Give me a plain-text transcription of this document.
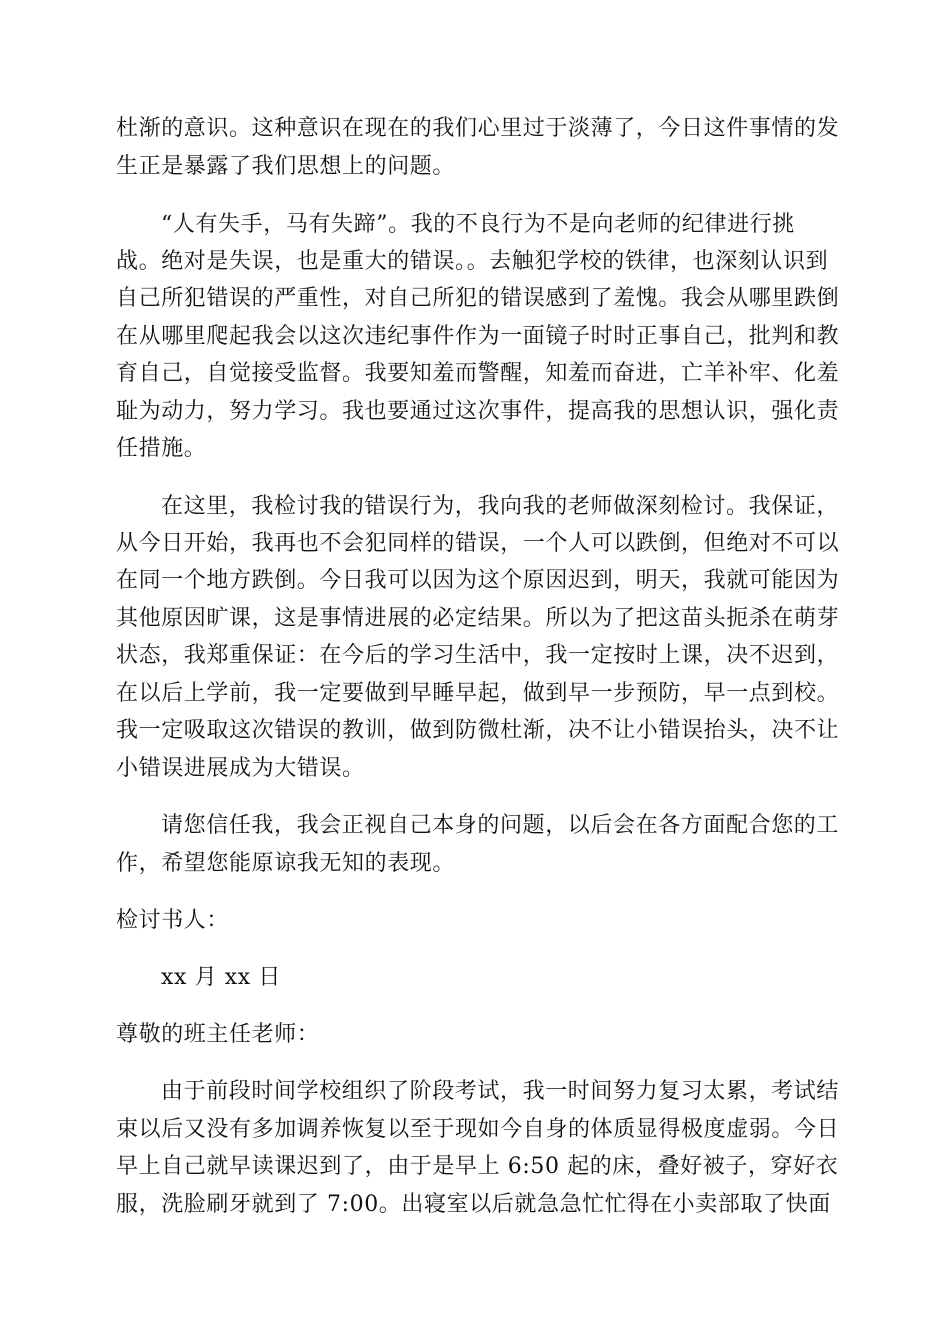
杜渐的意识。这种意识在现在的我们心里过于淡薄了，今日这件事情的发
生正是暴露了我们思想上的问题。
“人有失手，马有失蹄”。我的不良行为不是向老师的纪律进行挑
战。绝对是失误，也是重大的错误。。去触犯学校的铁律，也深刻认识到
自己所犯错误的严重性，对自己所犯的错误感到了羞愧。我会从哪里跌倒
在从哪里爬起我会以这次违纪事件作为一面镜子时时正事自己，批判和教
育自己，自觉接受监督。我要知羞而警醒，知羞而奋进，亡羊补牢、化羞
耻为动力，努力学习。我也要通过这次事件，提高我的思想认识，强化责
任措施。
在这里，我检讨我的错误行为，我向我的老师做深刻检讨。我保证，
从今日开始，我再也不会犯同样的错误，一个人可以跌倒，但绝对不可以
在同一个地方跌倒。今日我可以因为这个原因迟到，明天，我就可能因为
其他原因旷课，这是事情进展的必定结果。所以为了把这苗头扼杀在萌芽
状态，我郑重保证：在今后的学习生活中，我一定按时上课，决不迟到，
在以后上学前，我一定要做到早睡早起，做到早一步预防，早一点到校。
我一定吸取这次错误的教训，做到防微杜渐，决不让小错误抬头，决不让
小错误进展成为大错误。
请您信任我，我会正视自己本身的问题，以后会在各方面配合您的工
作，希望您能原谅我无知的表现。
检讨书人：
xx 月 xx 日
尊敬的班主任老师：
由于前段时间学校组织了阶段考试，我一时间努力复习太累，考试结
束以后又没有多加调养恢复以至于现如今自身的体质显得极度虚弱。今日
早上自己就早读课迟到了，由于是早上 6:50 起的床，叠好被子，穿好衣
服，洗脸刷牙就到了 7:00。出寝室以后就急急忙忙得在小卖部取了快面
